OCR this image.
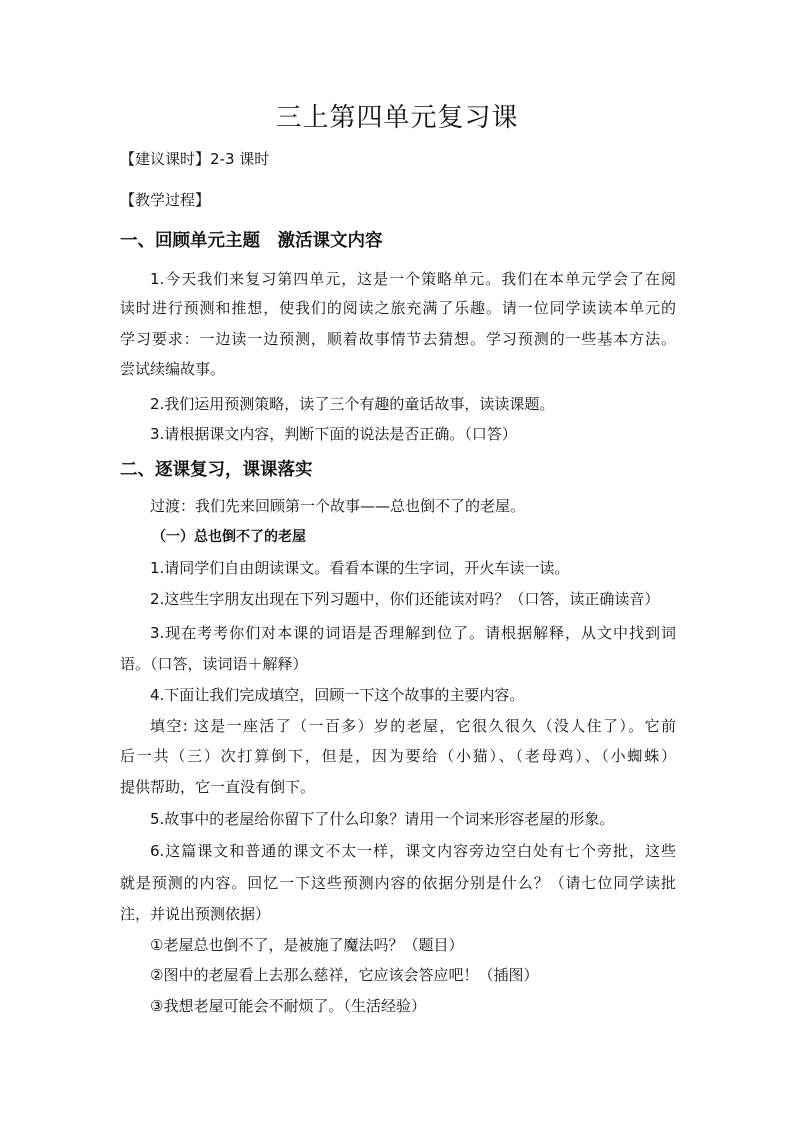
三上第四单元复习课
【建议课时】2-3 课时
【教学过程】
一、回顾单元主题　激活课文内容
1.今天我们来复习第四单元，这是一个策略单元。我们在本单元学会了在阅
读时进行预测和推想，使我们的阅读之旅充满了乐趣。请一位同学读读本单元的
学习要求：一边读一边预测，顺着故事情节去猜想。学习预测的一些基本方法。
尝试续编故事。
2.我们运用预测策略，读了三个有趣的童话故事，读读课题。
3.请根据课文内容，判断下面的说法是否正确。（口答）
二、逐课复习，课课落实
过渡：我们先来回顾第一个故事——总也倒不了的老屋。
（一）总也倒不了的老屋
1.请同学们自由朗读课文。看看本课的生字词，开火车读一读。
2.这些生字朋友出现在下列习题中，你们还能读对吗？（口答，读正确读音）
3.现在考考你们对本课的词语是否理解到位了。请根据解释，从文中找到词
语。（口答，读词语＋解释）
4.下面让我们完成填空，回顾一下这个故事的主要内容。
填空: 这是一座活了（一百多）岁的老屋，它很久很久（没人住了）。它前
后一共（三）次打算倒下，但是，因为要给（小猫）、（老母鸡）、（小蜘蛛）
提供帮助，它一直没有倒下。
5.故事中的老屋给你留下了什么印象？请用一个词来形容老屋的形象。
6.这篇课文和普通的课文不太一样，课文内容旁边空白处有七个旁批，这些
就是预测的内容。回忆一下这些预测内容的依据分别是什么？（请七位同学读批
注，并说出预测依据）
①老屋总也倒不了，是被施了魔法吗？（题目）
②图中的老屋看上去那么慈祥，它应该会答应吧！（插图）
③我想老屋可能会不耐烦了。（生活经验）
